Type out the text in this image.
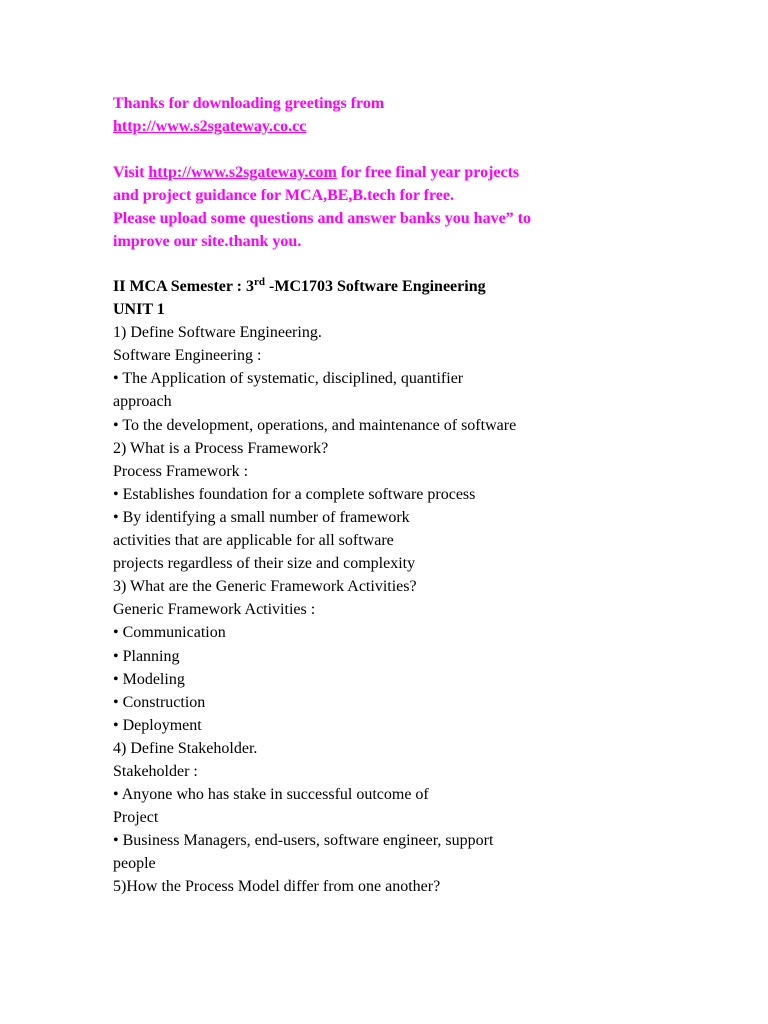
Thanks for downloading greetings from
http://www.s2sgateway.co.cc
Visit http://www.s2sgateway.com for free final year projects
and project guidance for MCA,BE,B.tech for free.
Please upload some questions and answer banks you have” to
improve our site.thank you.
II MCA Semester : 3rd -MC1703 Software Engineering
UNIT 1
1) Define Software Engineering.
Software Engineering :
• The Application of systematic, disciplined, quantifier
approach
• To the development, operations, and maintenance of software
2) What is a Process Framework?
Process Framework :
• Establishes foundation for a complete software process
• By identifying a small number of framework
activities that are applicable for all software
projects regardless of their size and complexity
3) What are the Generic Framework Activities?
Generic Framework Activities :
• Communication
• Planning
• Modeling
• Construction
• Deployment
4) Define Stakeholder.
Stakeholder :
• Anyone who has stake in successful outcome of
Project
• Business Managers, end-users, software engineer, support
people
5)How the Process Model differ from one another?
